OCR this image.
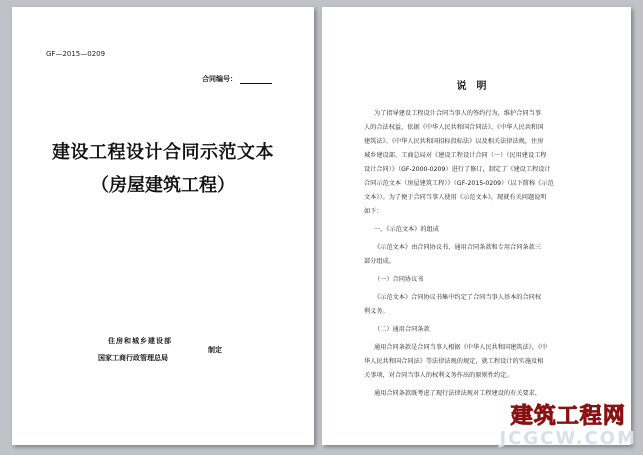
GF—2015—0209
合同编号：
建设工程设计合同示范文本
（房屋建筑工程）
住房和城乡建设部
国家工商行政管理总局
制定
说明
为了指导建设工程设计合同当事人的签约行为，维护合同当事
人的合法权益，依据《中华人民共和国合同法》、《中华人民共和国
建筑法》、《中华人民共和国招标投标法》以及相关法律法规，住房
城乡建设部、工商总局对《建设工程设计合同（一）（民用建设工程
设计合同）》（GF-2000-0209）进行了修订，制定了《建设工程设计
合同示范文本（房屋建筑工程）》（GF-2015-0209）（以下简称《示范
文本》）。为了便于合同当事人使用《示范文本》，现就有关问题说明
如下：
一、《示范文本》的组成
《示范文本》由合同协议书、通用合同条款和专用合同条款三
部分组成。
（一）合同协议书
《示范文本》合同协议书集中约定了合同当事人基本的合同权
利义务。
（二）通用合同条款
通用合同条款是合同当事人根据《中华人民共和国建筑法》、《中
华人民共和国合同法》等法律法规的规定，就工程设计的实施及相
关事项，对合同当事人的权利义务作出的原则性约定。
通用合同条款既考虑了现行法律法规对工程建设的有关要求，
建筑工程网
JCGCW.COM
